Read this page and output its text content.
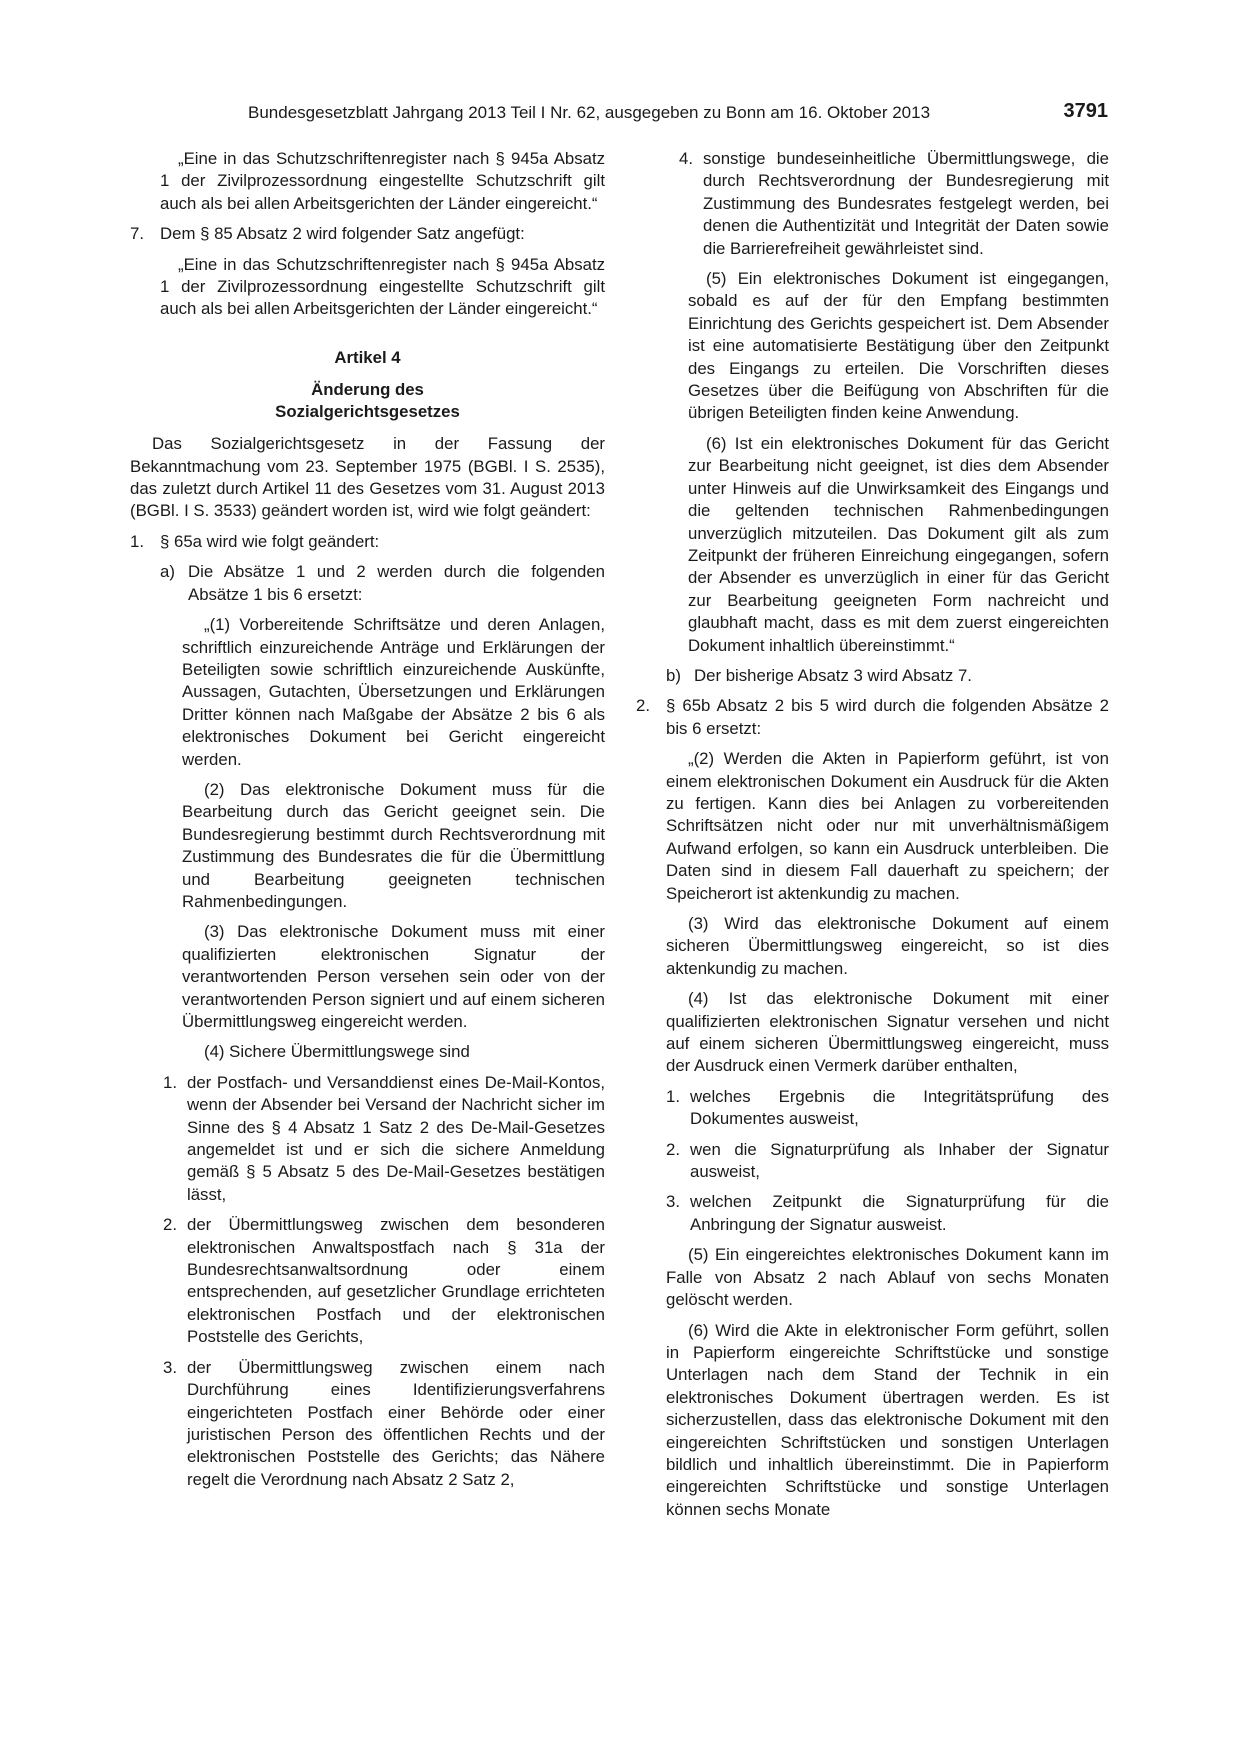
Bundesgesetzblatt Jahrgang 2013 Teil I Nr. 62, ausgegeben zu Bonn am 16. Oktober 2013	3791

„Eine in das Schutzschriftenregister nach § 945a Absatz 1 der Zivilprozessordnung eingestellte Schutzschrift gilt auch als bei allen Arbeitsgerichten der Länder eingereicht.“

7. Dem § 85 Absatz 2 wird folgender Satz angefügt:

„Eine in das Schutzschriftenregister nach § 945a Absatz 1 der Zivilprozessordnung eingestellte Schutzschrift gilt auch als bei allen Arbeitsgerichten der Länder eingereicht.“

Artikel 4
Änderung des
Sozialgerichtsgesetzes

Das Sozialgerichtsgesetz in der Fassung der Bekanntmachung vom 23. September 1975 (BGBl. I S. 2535), das zuletzt durch Artikel 11 des Gesetzes vom 31. August 2013 (BGBl. I S. 3533) geändert worden ist, wird wie folgt geändert:

1. § 65a wird wie folgt geändert:
a) Die Absätze 1 und 2 werden durch die folgenden Absätze 1 bis 6 ersetzt:

„(1) Vorbereitende Schriftsätze und deren Anlagen, schriftlich einzureichende Anträge und Erklärungen der Beteiligten sowie schriftlich einzureichende Auskünfte, Aussagen, Gutachten, Übersetzungen und Erklärungen Dritter können nach Maßgabe der Absätze 2 bis 6 als elektronisches Dokument bei Gericht eingereicht werden.

(2) Das elektronische Dokument muss für die Bearbeitung durch das Gericht geeignet sein. Die Bundesregierung bestimmt durch Rechtsverordnung mit Zustimmung des Bundesrates die für die Übermittlung und Bearbeitung geeigneten technischen Rahmenbedingungen.

(3) Das elektronische Dokument muss mit einer qualifizierten elektronischen Signatur der verantwortenden Person versehen sein oder von der verantwortenden Person signiert und auf einem sicheren Übermittlungsweg eingereicht werden.

(4) Sichere Übermittlungswege sind

1. der Postfach- und Versanddienst eines De-Mail-Kontos, wenn der Absender bei Versand der Nachricht sicher im Sinne des § 4 Absatz 1 Satz 2 des De-Mail-Gesetzes angemeldet ist und er sich die sichere Anmeldung gemäß § 5 Absatz 5 des De-Mail-Gesetzes bestätigen lässt,
2. der Übermittlungsweg zwischen dem besonderen elektronischen Anwaltspostfach nach § 31a der Bundesrechtsanwaltsordnung oder einem entsprechenden, auf gesetzlicher Grundlage errichteten elektronischen Postfach und der elektronischen Poststelle des Gerichts,
3. der Übermittlungsweg zwischen einem nach Durchführung eines Identifizierungsverfahrens eingerichteten Postfach einer Behörde oder einer juristischen Person des öffentlichen Rechts und der elektronischen Poststelle des Gerichts; das Nähere regelt die Verordnung nach Absatz 2 Satz 2,
4. sonstige bundeseinheitliche Übermittlungswege, die durch Rechtsverordnung der Bundesregierung mit Zustimmung des Bundesrates festgelegt werden, bei denen die Authentizität und Integrität der Daten sowie die Barrierefreiheit gewährleistet sind.

(5) Ein elektronisches Dokument ist eingegangen, sobald es auf der für den Empfang bestimmten Einrichtung des Gerichts gespeichert ist. Dem Absender ist eine automatisierte Bestätigung über den Zeitpunkt des Eingangs zu erteilen. Die Vorschriften dieses Gesetzes über die Beifügung von Abschriften für die übrigen Beteiligten finden keine Anwendung.

(6) Ist ein elektronisches Dokument für das Gericht zur Bearbeitung nicht geeignet, ist dies dem Absender unter Hinweis auf die Unwirksamkeit des Eingangs und die geltenden technischen Rahmenbedingungen unverzüglich mitzuteilen. Das Dokument gilt als zum Zeitpunkt der früheren Einreichung eingegangen, sofern der Absender es unverzüglich in einer für das Gericht zur Bearbeitung geeigneten Form nachreicht und glaubhaft macht, dass es mit dem zuerst eingereichten Dokument inhaltlich übereinstimmt.“

b) Der bisherige Absatz 3 wird Absatz 7.
2. § 65b Absatz 2 bis 5 wird durch die folgenden Absätze 2 bis 6 ersetzt:

„(2) Werden die Akten in Papierform geführt, ist von einem elektronischen Dokument ein Ausdruck für die Akten zu fertigen. Kann dies bei Anlagen zu vorbereitenden Schriftsätzen nicht oder nur mit unverhältnismäßigem Aufwand erfolgen, so kann ein Ausdruck unterbleiben. Die Daten sind in diesem Fall dauerhaft zu speichern; der Speicherort ist aktenkundig zu machen.

(3) Wird das elektronische Dokument auf einem sicheren Übermittlungsweg eingereicht, so ist dies aktenkundig zu machen.

(4) Ist das elektronische Dokument mit einer qualifizierten elektronischen Signatur versehen und nicht auf einem sicheren Übermittlungsweg eingereicht, muss der Ausdruck einen Vermerk darüber enthalten,

1. welches Ergebnis die Integritätsprüfung des Dokumentes ausweist,
2. wen die Signaturprüfung als Inhaber der Signatur ausweist,
3. welchen Zeitpunkt die Signaturprüfung für die Anbringung der Signatur ausweist.

(5) Ein eingereichtes elektronisches Dokument kann im Falle von Absatz 2 nach Ablauf von sechs Monaten gelöscht werden.

(6) Wird die Akte in elektronischer Form geführt, sollen in Papierform eingereichte Schriftstücke und sonstige Unterlagen nach dem Stand der Technik in ein elektronisches Dokument übertragen werden. Es ist sicherzustellen, dass das elektronische Dokument mit den eingereichten Schriftstücken und sonstigen Unterlagen bildlich und inhaltlich übereinstimmt. Die in Papierform eingereichten Schriftstücke und sonstige Unterlagen können sechs Monate
